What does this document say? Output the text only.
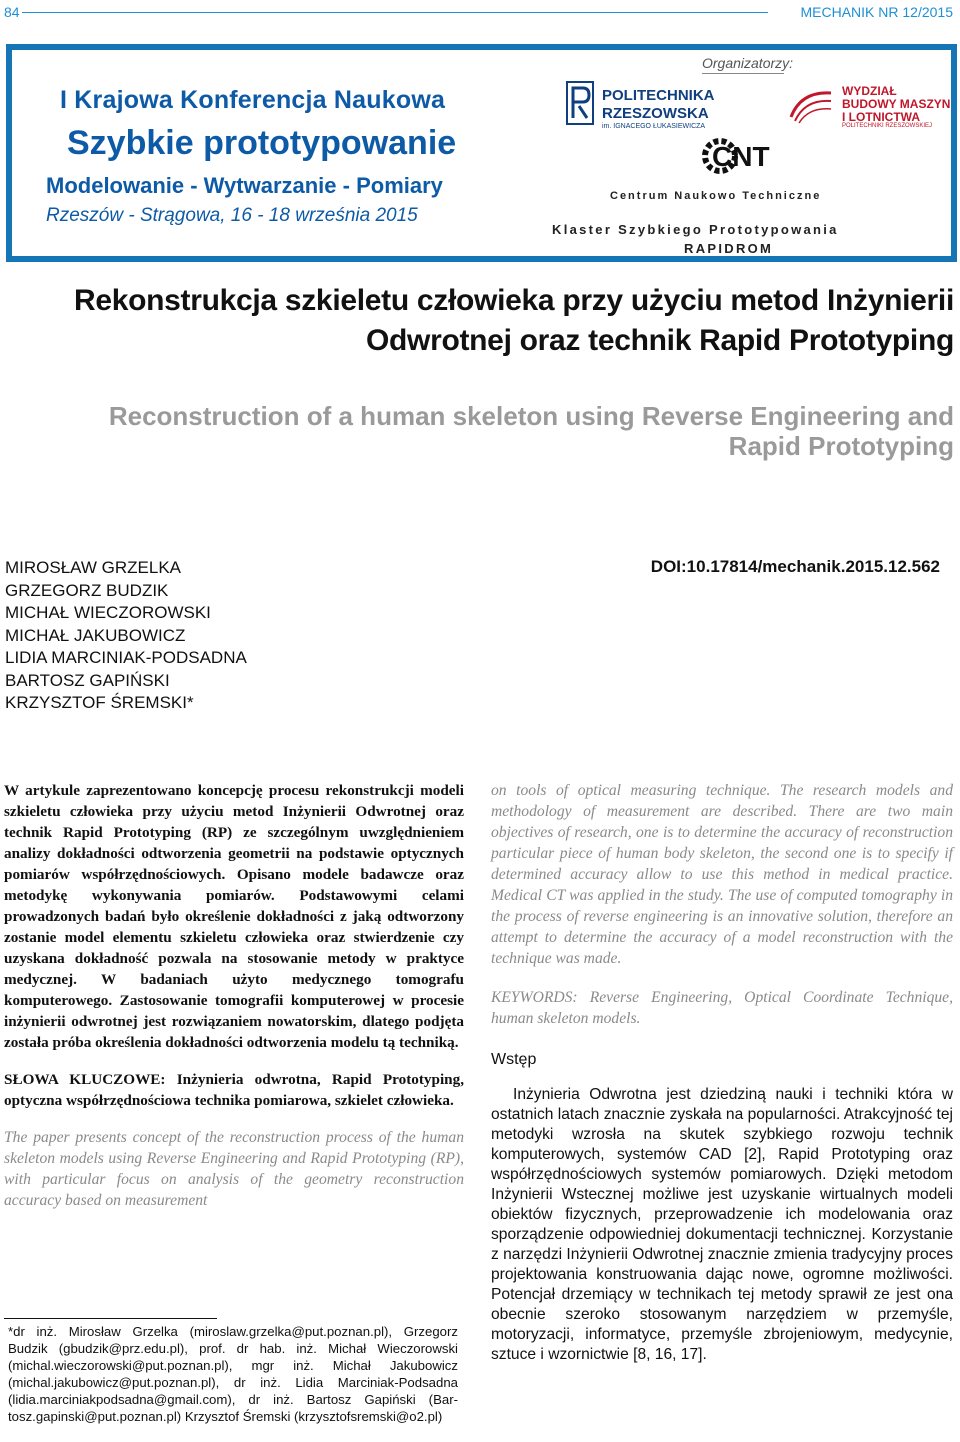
84	MECHANIK NR 12/2015
I Krajowa Konferencja Naukowa
Szybkie prototypowanie
Modelowanie - Wytwarzanie - Pomiary
Rzeszów - Strągowa, 16 - 18 września 2015
Organizatorzy:
POLITECHNIKA
RZESZOWSKA
im. IGNACEGO ŁUKASIEWICZA
WYDZIAŁ
BUDOWY MASZYN
I LOTNICTWA
POLITECHNIKI RZESZOWSKIEJ
CNT
Centrum Naukowo Techniczne
Klaster Szybkiego Prototypowania
RAPIDROM
Rekonstrukcja szkieletu człowieka przy użyciu metod Inżynierii
Odwrotnej oraz technik Rapid Prototyping
Reconstruction of a human skeleton using Reverse Engineering and
Rapid Prototyping
MIROSŁAW GRZELKA
GRZEGORZ BUDZIK
MICHAŁ WIECZOROWSKI
MICHAŁ JAKUBOWICZ
LIDIA MARCINIAK-PODSADNA
BARTOSZ GAPIŃSKI
KRZYSZTOF ŚREMSKI*
DOI:10.17814/mechanik.2015.12.562

W artykule zaprezentowano koncepcję procesu rekonstrukcji modeli szkieletu człowieka przy użyciu metod Inżynierii Odwrotnej oraz technik Rapid Prototyping (RP) ze szczególnym uwzględnieniem analizy dokładności odtworzenia geometrii na podstawie optycznych pomiarów współrzędnościowych. Opisano modele badawcze oraz metodykę wykonywania pomiarów. Podstawowymi celami prowadzonych badań było określenie dokładności z jaką odtworzony zostanie model elementu szkieletu człowieka oraz stwierdzenie czy uzyskana dokładność pozwala na stosowanie metody w praktyce medycznej. W badaniach użyto medycznego tomografu komputerowego. Zastosowanie tomografii komputerowej w procesie inżynierii odwrotnej jest rozwiązaniem nowatorskim, dlatego podjęta została próba określenia dokładności odtworzenia modelu tą techniką.

SŁOWA KLUCZOWE: Inżynieria odwrotna, Rapid Prototyping, optyczna współrzędnościowa technika pomiarowa, szkielet człowieka.

The paper presents concept of the reconstruction process of the human skeleton models using Reverse Engineering and Rapid Prototyping (RP), with particular focus on analysis of the geometry reconstruction accuracy based on measurement

*dr inż. Mirosław Grzelka (miroslaw.grzelka@put.poznan.pl), Grzegorz Budzik (gbudzik@prz.edu.pl), prof. dr hab. inż. Michał Wieczorowski (michal.wieczorowski@put.poznan.pl), mgr inż. Michał Jakubowicz (michal.jakubowicz@put.poznan.pl), dr inż. Lidia Marciniak-Podsadna (lidia.marciniakpodsadna@gmail.com), dr inż. Bartosz Gapiński (Bartosz.gapinski@put.poznan.pl) Krzysztof Śremski (krzysztofsremski@o2.pl)

on tools of optical measuring technique. The research models and methodology of measurement are described. There are two main objectives of research, one is to determine the accuracy of reconstruction particular piece of human body skeleton, the second one is to specify if determined accuracy allow to use this method in medical practice. Medical CT was applied in the study. The use of computed tomography in the process of reverse engineering is an innovative solution, therefore an attempt to determine the accuracy of a model reconstruction with the technique was made.

KEYWORDS: Reverse Engineering, Optical Coordinate Technique, human skeleton models.

Wstęp

Inżynieria Odwrotna jest dziedziną nauki i techniki która w ostatnich latach znacznie zyskała na popularności. Atrakcyjność tej metodyki wzrosła na skutek szybkiego rozwoju technik komputerowych, systemów CAD [2], Rapid Prototyping oraz współrzędnościowych systemów pomiarowych. Dzięki metodom Inżynierii Wstecznej możliwe jest uzyskanie wirtualnych modeli obiektów fizycznych, przeprowadzenie ich modelowania oraz sporządzenie odpowiedniej dokumentacji technicznej. Korzystanie z narzędzi Inżynierii Odwrotnej znacznie zmienia tradycyjny proces projektowania konstruowania dając nowe, ogromne możliwości. Potencjał drzemiący w technikach tej metody sprawił ze jest ona obecnie szeroko stosowanym narzędziem w przemyśle, motoryzacji, informatyce, przemyśle zbrojeniowym, medycynie, sztuce i wzornictwie [8, 16, 17].
